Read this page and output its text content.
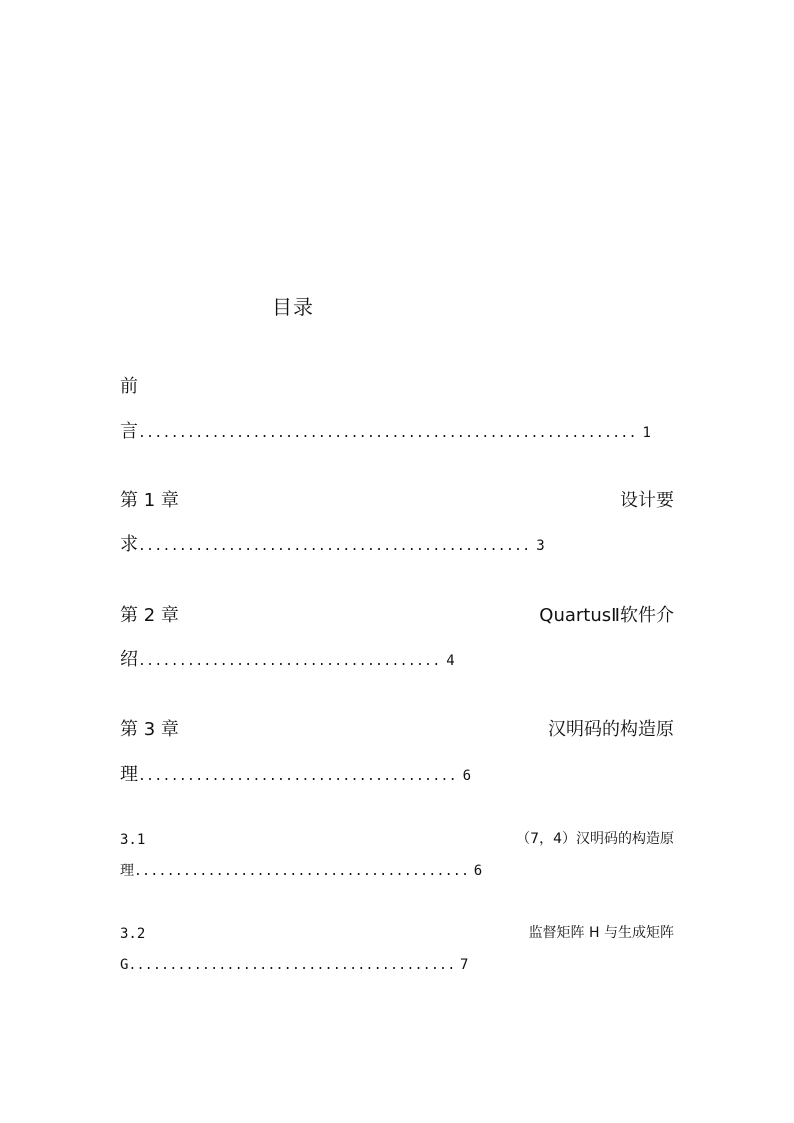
目录
前
言............................................................. 1
第 1 章	设计要
求................................................ 3
第 2 章	QuartusⅡ软件介
绍..................................... 4
第 3 章	汉明码的构造原
理....................................... 6
3.1	（7，4）汉明码的构造原
理......................................... 6
3.2	监督矩阵 H 与生成矩阵
G........................................ 7
